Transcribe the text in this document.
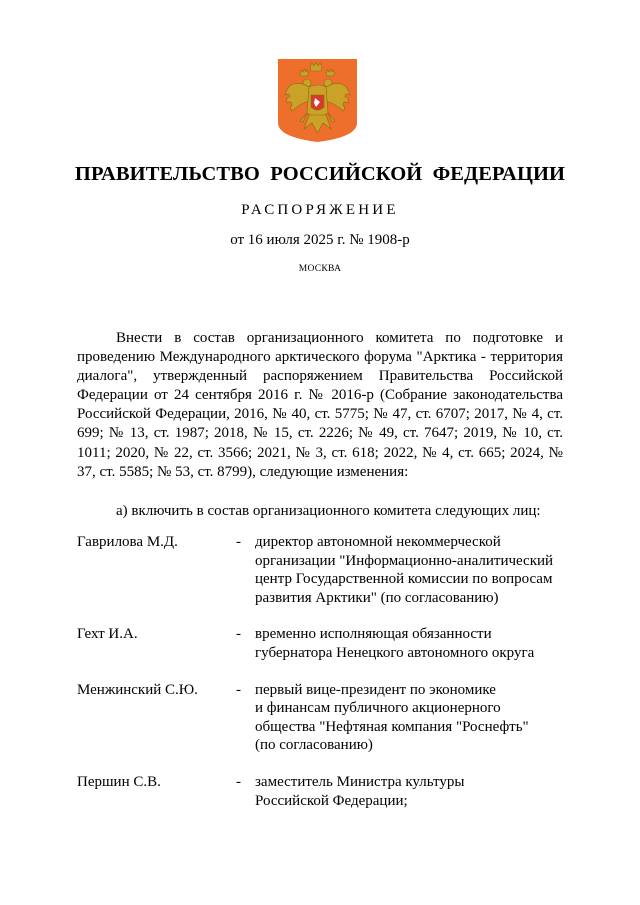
ПРАВИТЕЛЬСТВО РОССИЙСКОЙ ФЕДЕРАЦИИ
РАСПОРЯЖЕНИЕ
от 16 июля 2025 г. № 1908-р
МОСКВА

Внести в состав организационного комитета по подготовке и проведению Международного арктического форума "Арктика - территория диалога", утвержденный распоряжением Правительства Российской Федерации от 24 сентября 2016 г. № 2016-р (Собрание законодательства Российской Федерации, 2016, № 40, ст. 5775; № 47, ст. 6707; 2017, № 4, ст. 699; № 13, ст. 1987; 2018, № 15, ст. 2226; № 49, ст. 7647; 2019, № 10, ст. 1011; 2020, № 22, ст. 3566; 2021, № 3, ст. 618; 2022, № 4, ст. 665; 2024, № 37, ст. 5585; № 53, ст. 8799), следующие изменения:

а) включить в состав организационного комитета следующих лиц:
Гаврилова М.Д.	- директор автономной некоммерческой
организации "Информационно-аналитический
центр Государственной комиссии по вопросам
развития Арктики" (по согласованию)
Гехт И.А.	- временно исполняющая обязанности
губернатора Ненецкого автономного округа
Менжинский С.Ю.	- первый вице-президент по экономике
и финансам публичного акционерного
общества "Нефтяная компания "Роснефть"
(по согласованию)
Першин С.В.	- заместитель Министра культуры
Российской Федерации;
